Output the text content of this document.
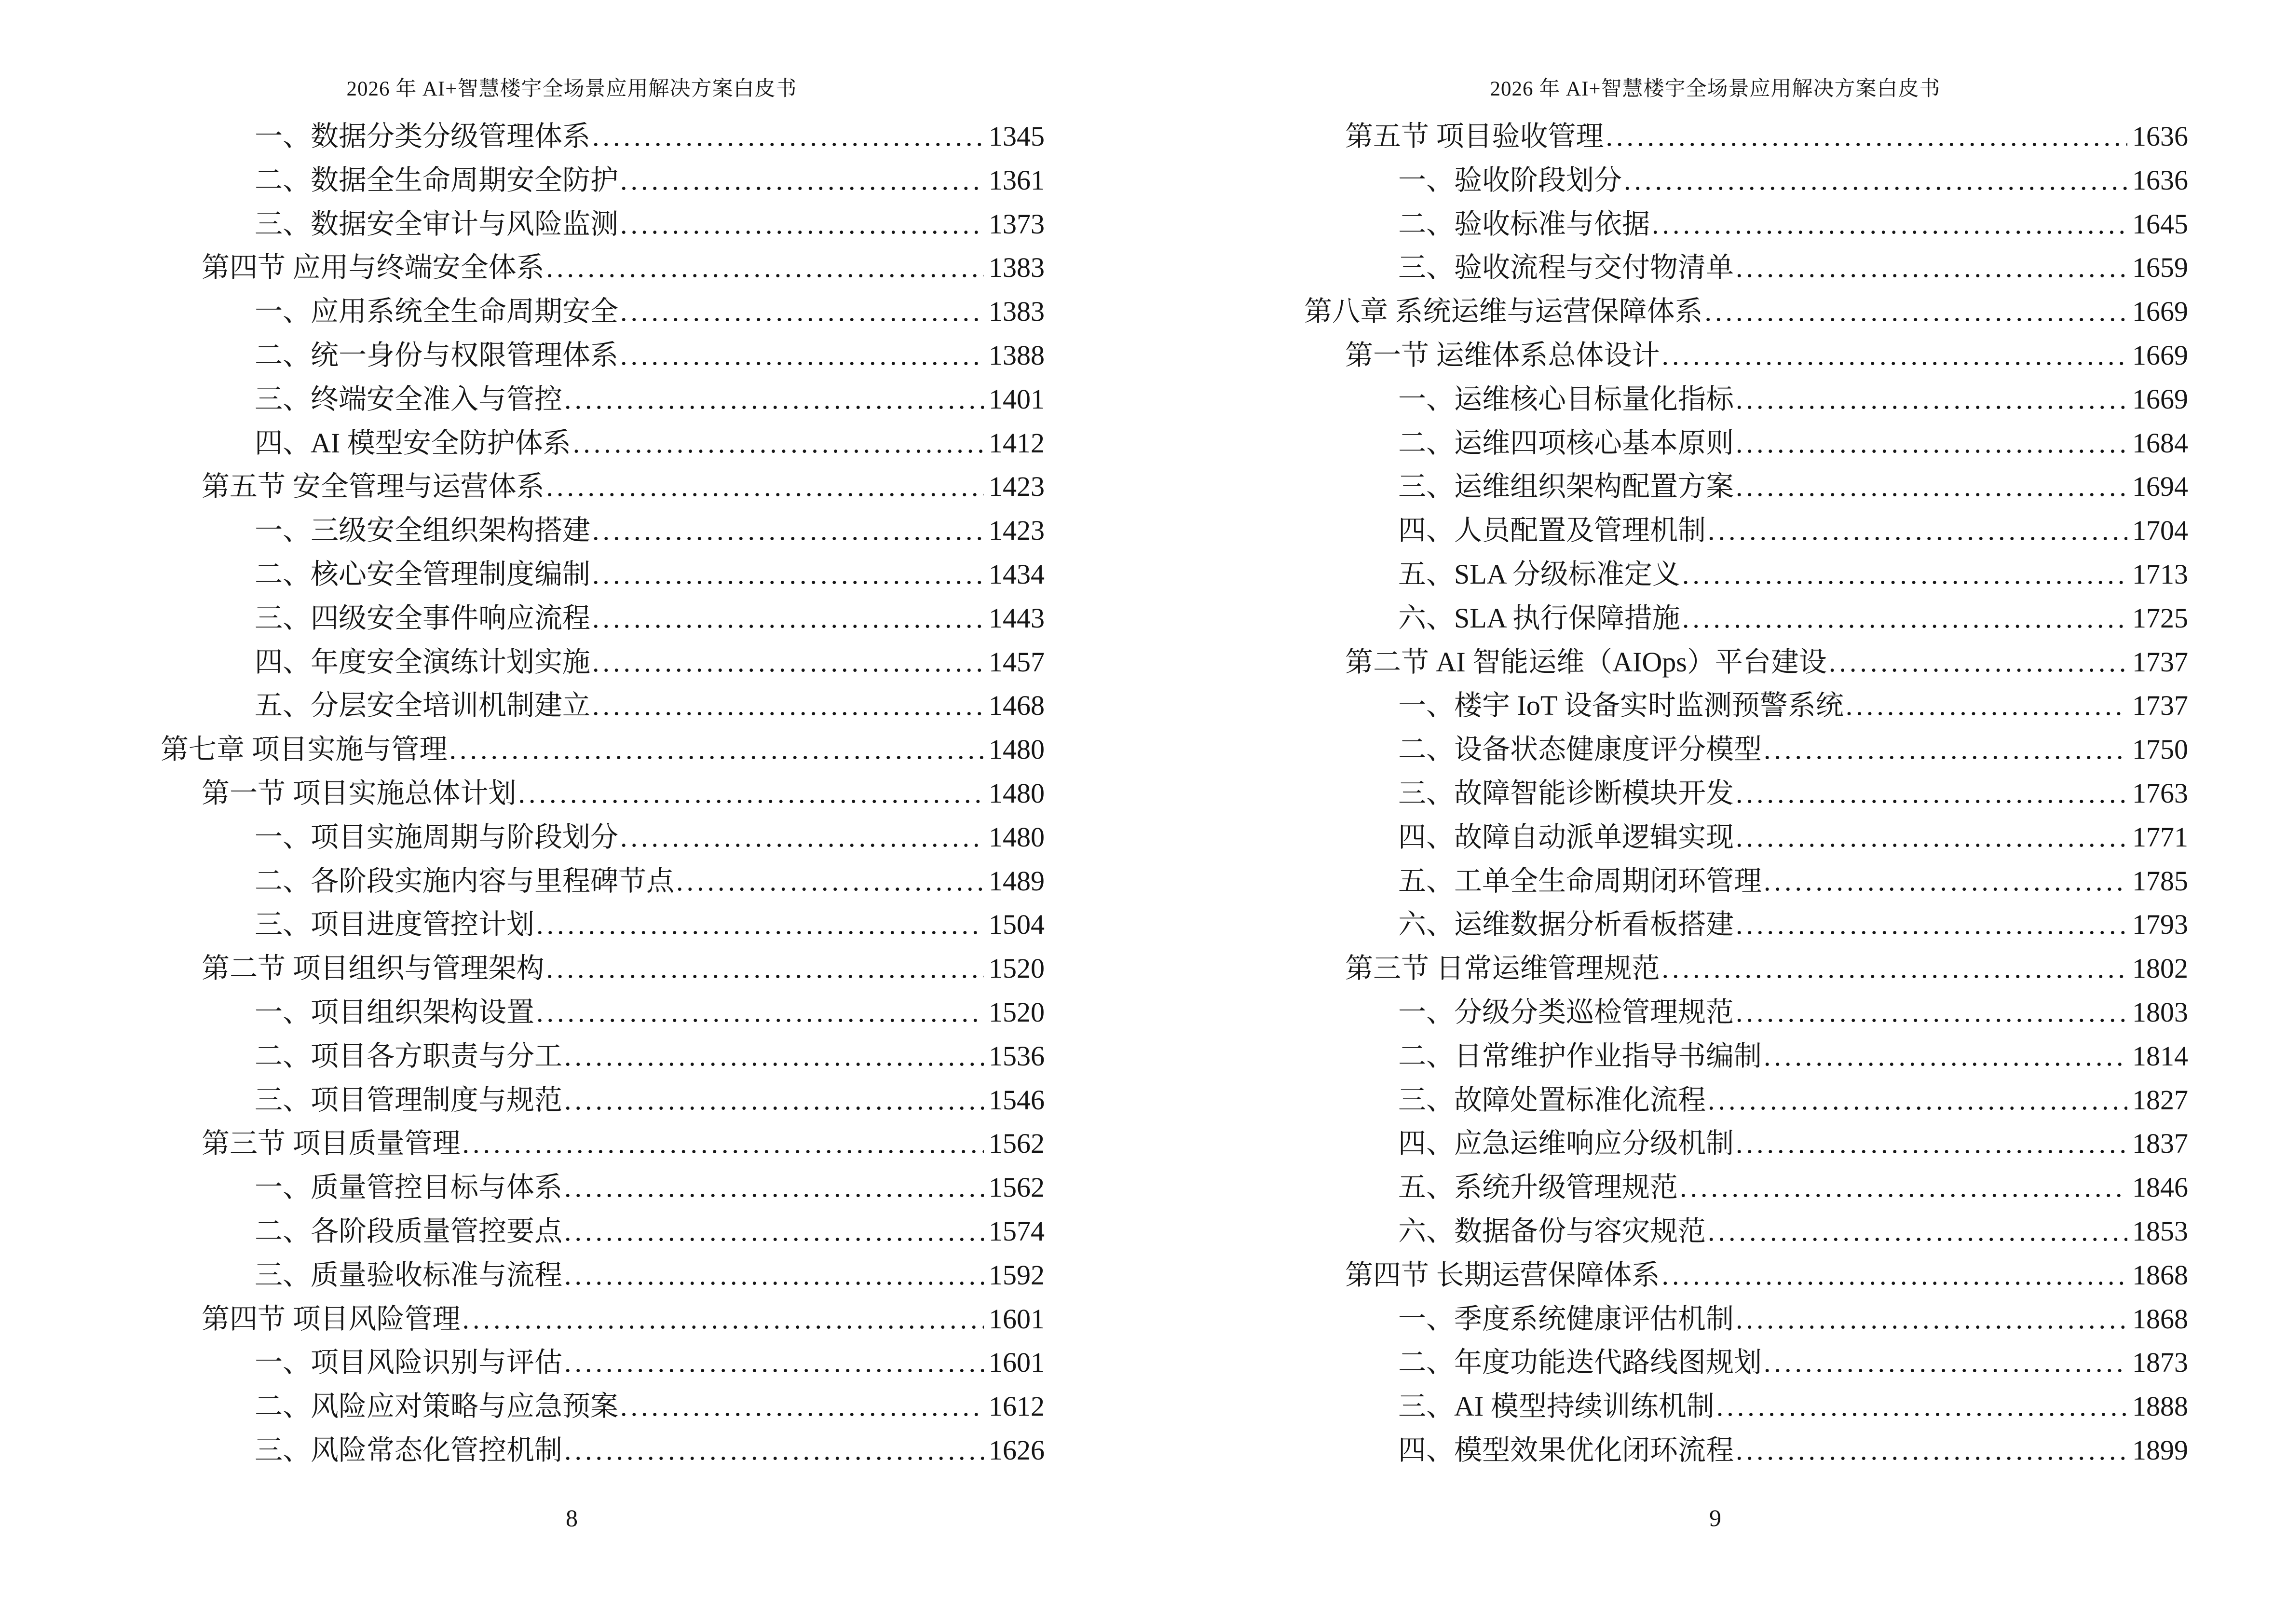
2026 年 AI+智慧楼宇全场景应用解决方案白皮书
一、数据分类分级管理体系 .....	1345
二、数据全生命周期安全防护 .....	1361
三、数据安全审计与风险监测 .....	1373
第四节 应用与终端安全体系 .....	1383
一、应用系统全生命周期安全 .....	1383
二、统一身份与权限管理体系 .....	1388
三、终端安全准入与管控 .....	1401
四、AI 模型安全防护体系 .....	1412
第五节 安全管理与运营体系 .....	1423
一、三级安全组织架构搭建 .....	1423
二、核心安全管理制度编制 .....	1434
三、四级安全事件响应流程 .....	1443
四、年度安全演练计划实施 .....	1457
五、分层安全培训机制建立 .....	1468
第七章 项目实施与管理 .....	1480
第一节 项目实施总体计划 .....	1480
一、项目实施周期与阶段划分 .....	1480
二、各阶段实施内容与里程碑节点 .....	1489
三、项目进度管控计划 .....	1504
第二节 项目组织与管理架构 .....	1520
一、项目组织架构设置 .....	1520
二、项目各方职责与分工 .....	1536
三、项目管理制度与规范 .....	1546
第三节 项目质量管理 .....	1562
一、质量管控目标与体系 .....	1562
二、各阶段质量管控要点 .....	1574
三、质量验收标准与流程 .....	1592
第四节 项目风险管理 .....	1601
一、项目风险识别与评估 .....	1601
二、风险应对策略与应急预案 .....	1612
三、风险常态化管控机制 .....	1626
8
2026 年 AI+智慧楼宇全场景应用解决方案白皮书
第五节 项目验收管理 .....	1636
一、验收阶段划分 .....	1636
二、验收标准与依据 .....	1645
三、验收流程与交付物清单 .....	1659
第八章 系统运维与运营保障体系 .....	1669
第一节 运维体系总体设计 .....	1669
一、运维核心目标量化指标 .....	1669
二、运维四项核心基本原则 .....	1684
三、运维组织架构配置方案 .....	1694
四、人员配置及管理机制 .....	1704
五、SLA 分级标准定义 .....	1713
六、SLA 执行保障措施 .....	1725
第二节 AI 智能运维（AIOps）平台建设 .....	1737
一、楼宇 IoT 设备实时监测预警系统 .....	1737
二、设备状态健康度评分模型 .....	1750
三、故障智能诊断模块开发 .....	1763
四、故障自动派单逻辑实现 .....	1771
五、工单全生命周期闭环管理 .....	1785
六、运维数据分析看板搭建 .....	1793
第三节 日常运维管理规范 .....	1802
一、分级分类巡检管理规范 .....	1803
二、日常维护作业指导书编制 .....	1814
三、故障处置标准化流程 .....	1827
四、应急运维响应分级机制 .....	1837
五、系统升级管理规范 .....	1846
六、数据备份与容灾规范 .....	1853
第四节 长期运营保障体系 .....	1868
一、季度系统健康评估机制 .....	1868
二、年度功能迭代路线图规划 .....	1873
三、AI 模型持续训练机制 .....	1888
四、模型效果优化闭环流程 .....	1899
9
